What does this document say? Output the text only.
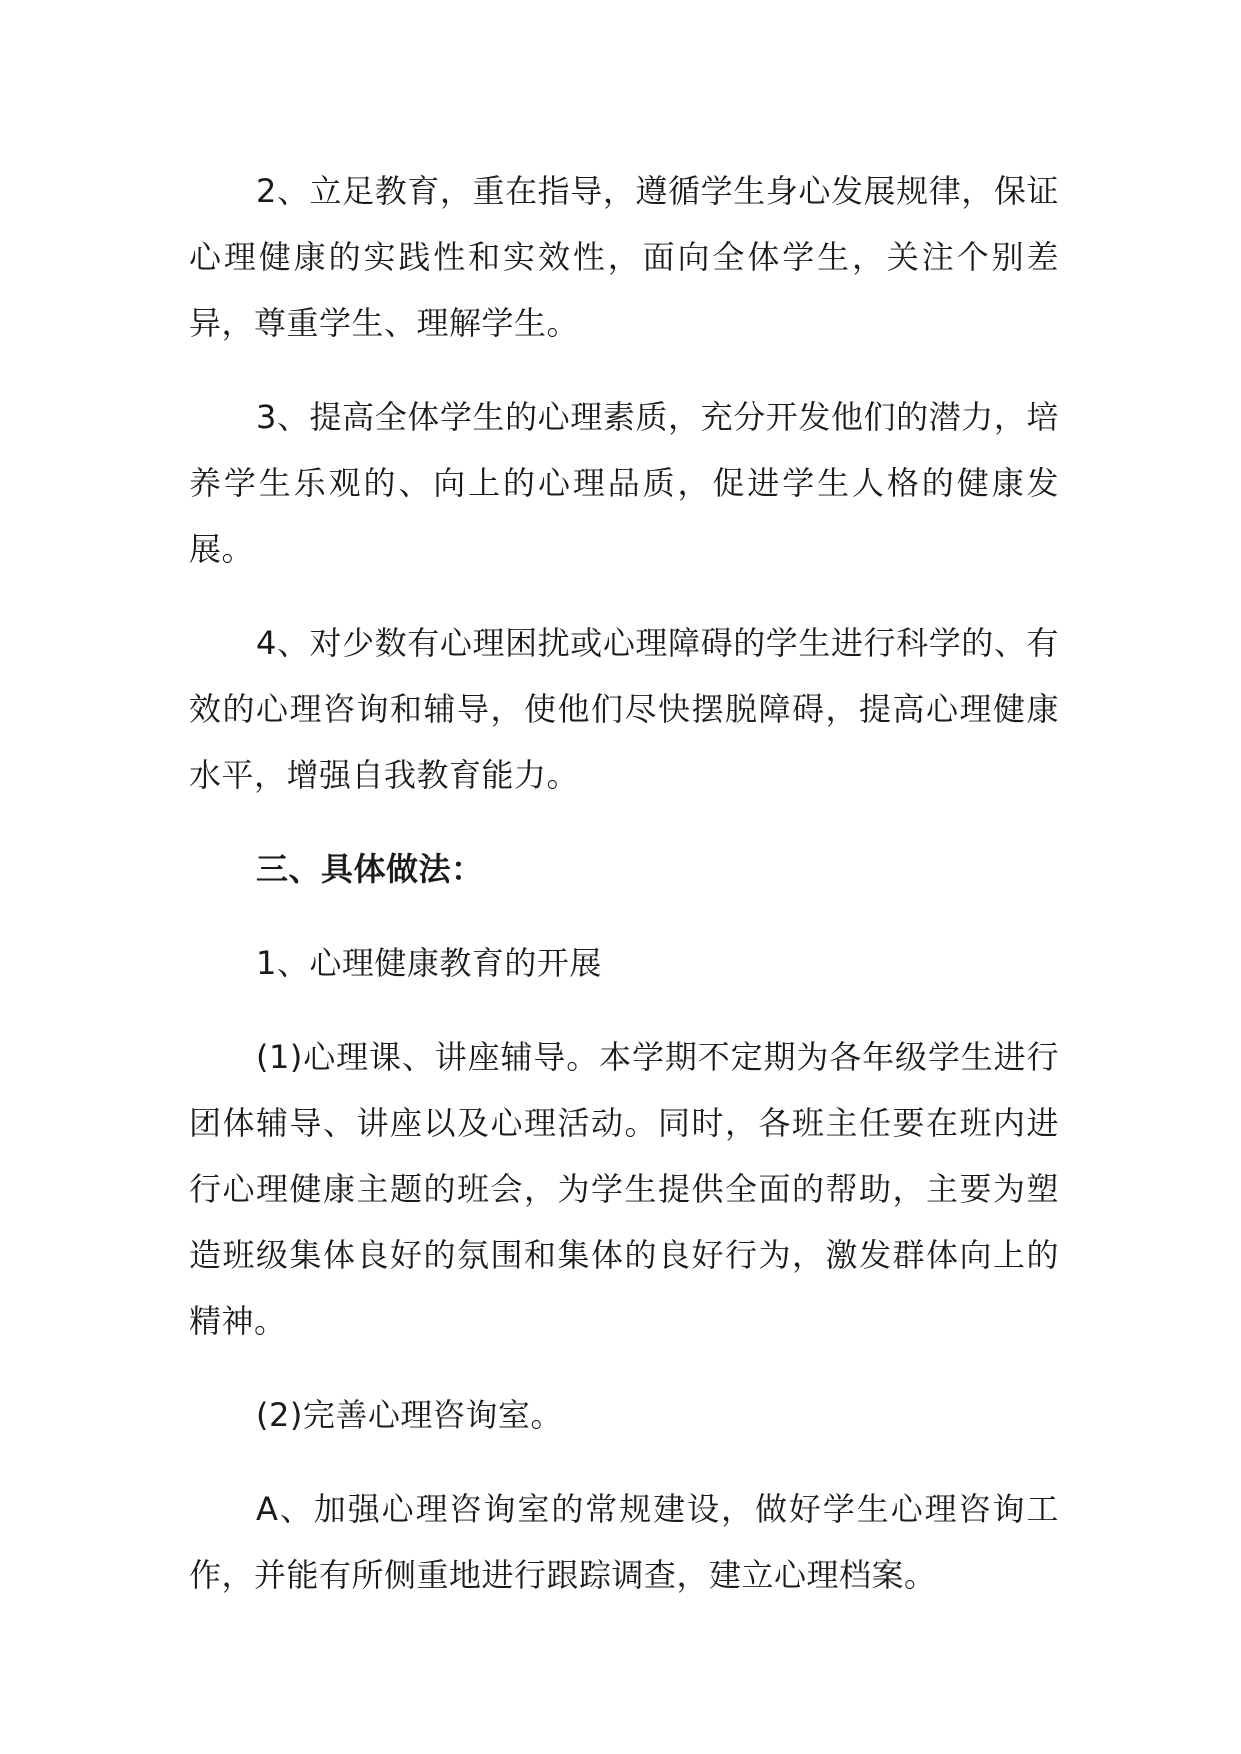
2、立足教育，重在指导，遵循学生身心发展规律，保证心理健康的实践性和实效性，面向全体学生，关注个别差异，尊重学生、理解学生。

3、提高全体学生的心理素质，充分开发他们的潜力，培养学生乐观的、向上的心理品质，促进学生人格的健康发展。

4、对少数有心理困扰或心理障碍的学生进行科学的、有效的心理咨询和辅导，使他们尽快摆脱障碍，提高心理健康水平，增强自我教育能力。

三、具体做法：

1、心理健康教育的开展

(1)心理课、讲座辅导。本学期不定期为各年级学生进行团体辅导、讲座以及心理活动。同时，各班主任要在班内进行心理健康主题的班会，为学生提供全面的帮助，主要为塑造班级集体良好的氛围和集体的良好行为，激发群体向上的精神。

(2)完善心理咨询室。

A、加强心理咨询室的常规建设，做好学生心理咨询工作，并能有所侧重地进行跟踪调查，建立心理档案。
